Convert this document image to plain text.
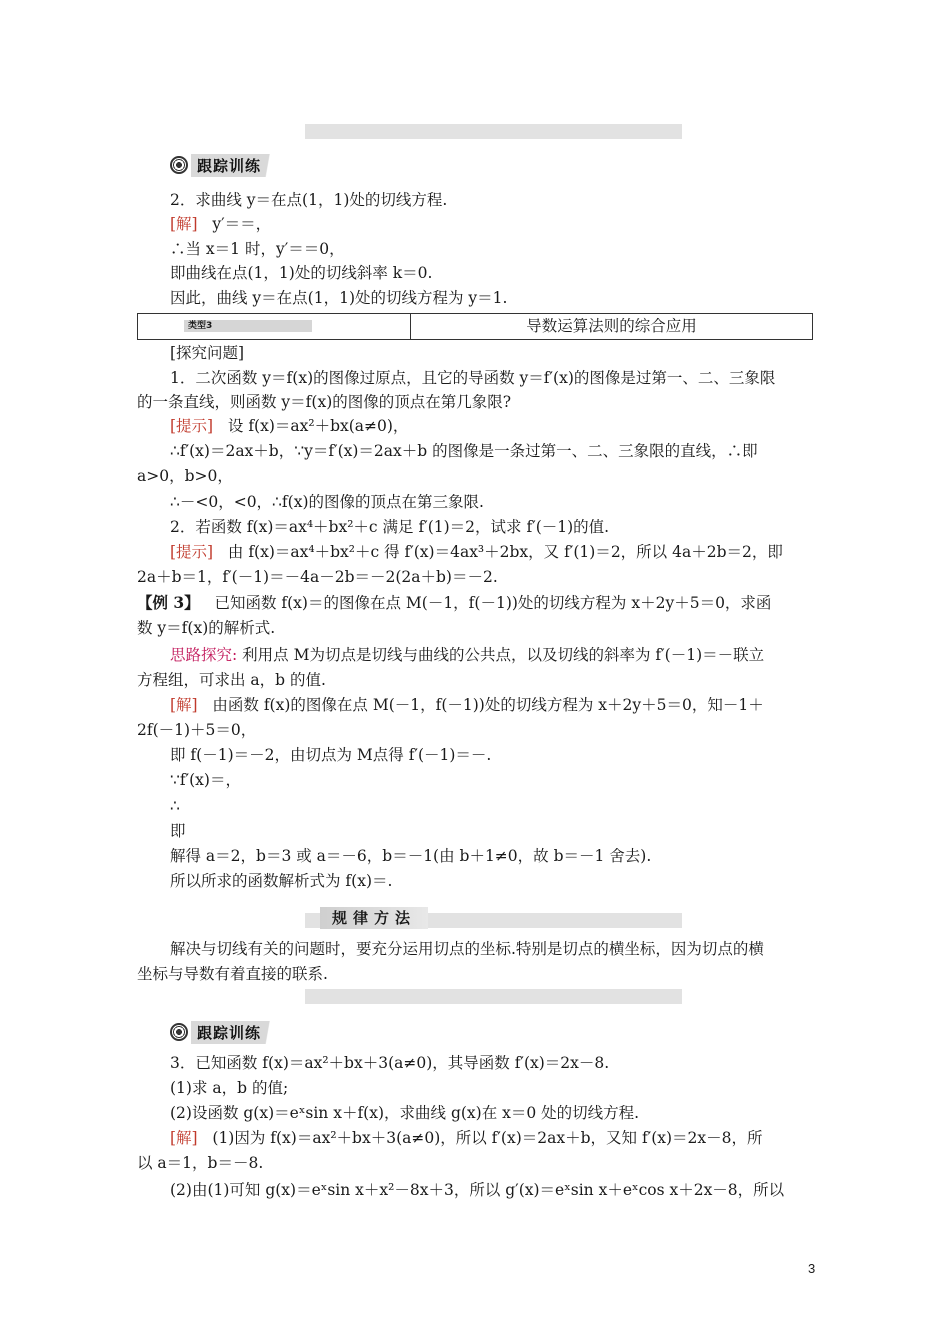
跟踪训练
2．求曲线 y＝在点(1，1)处的切线方程.
[解] y′＝＝，
∴当 x＝1 时，y′＝＝0，
即曲线在点(1，1)处的切线斜率 k＝0.
因此，曲线 y＝在点(1，1)处的切线方程为 y＝1.
类型3	导数运算法则的综合应用
[探究问题]
1．二次函数 y＝f(x)的图像过原点，且它的导函数 y＝f′(x)的图像是过第一、二、三象限
的一条直线，则函数 y＝f(x)的图像的顶点在第几象限?
[提示] 设 f(x)＝ax²＋bx(a≠0)，
∴f′(x)＝2ax＋b，∵y＝f′(x)＝2ax＋b 的图像是一条过第一、二、三象限的直线，∴即
a>0，b>0，
∴－<0，<0，∴f(x)的图像的顶点在第三象限.
2．若函数 f(x)＝ax⁴＋bx²＋c 满足 f′(1)＝2，试求 f′(－1)的值.
[提示] 由 f(x)＝ax⁴＋bx²＋c 得 f′(x)＝4ax³＋2bx，又 f′(1)＝2，所以 4a＋2b＝2，即
2a＋b＝1，f′(－1)＝－4a－2b＝－2(2a＋b)＝－2.
【例 3】 已知函数 f(x)＝的图像在点 M(－1，f(－1))处的切线方程为 x＋2y＋5＝0，求函
数 y＝f(x)的解析式.
思路探究: 利用点 M为切点是切线与曲线的公共点，以及切线的斜率为 f′(－1)＝－联立
方程组，可求出 a，b 的值.
[解] 由函数 f(x)的图像在点 M(－1，f(－1))处的切线方程为 x＋2y＋5＝0，知－1＋
2f(－1)＋5＝0，
即 f(－1)＝－2，由切点为 M点得 f′(－1)＝－.
∵f′(x)＝，
∴
即
解得 a＝2，b＝3 或 a＝－6，b＝－1(由 b＋1≠0，故 b＝－1 舍去).
所以所求的函数解析式为 f(x)＝.
规律方法
解决与切线有关的问题时，要充分运用切点的坐标.特别是切点的横坐标，因为切点的横
坐标与导数有着直接的联系.
跟踪训练
3．已知函数 f(x)＝ax²＋bx＋3(a≠0)，其导函数 f′(x)＝2x－8.
(1)求 a，b 的值;
(2)设函数 g(x)＝eˣsin x＋f(x)，求曲线 g(x)在 x＝0 处的切线方程.
[解] (1)因为 f(x)＝ax²＋bx＋3(a≠0)，所以 f′(x)＝2ax＋b，又知 f′(x)＝2x－8，所
以 a＝1，b＝－8.
(2)由(1)可知 g(x)＝eˣsin x＋x²－8x＋3，所以 g′(x)＝eˣsin x＋eˣcos x＋2x－8，所以
3
